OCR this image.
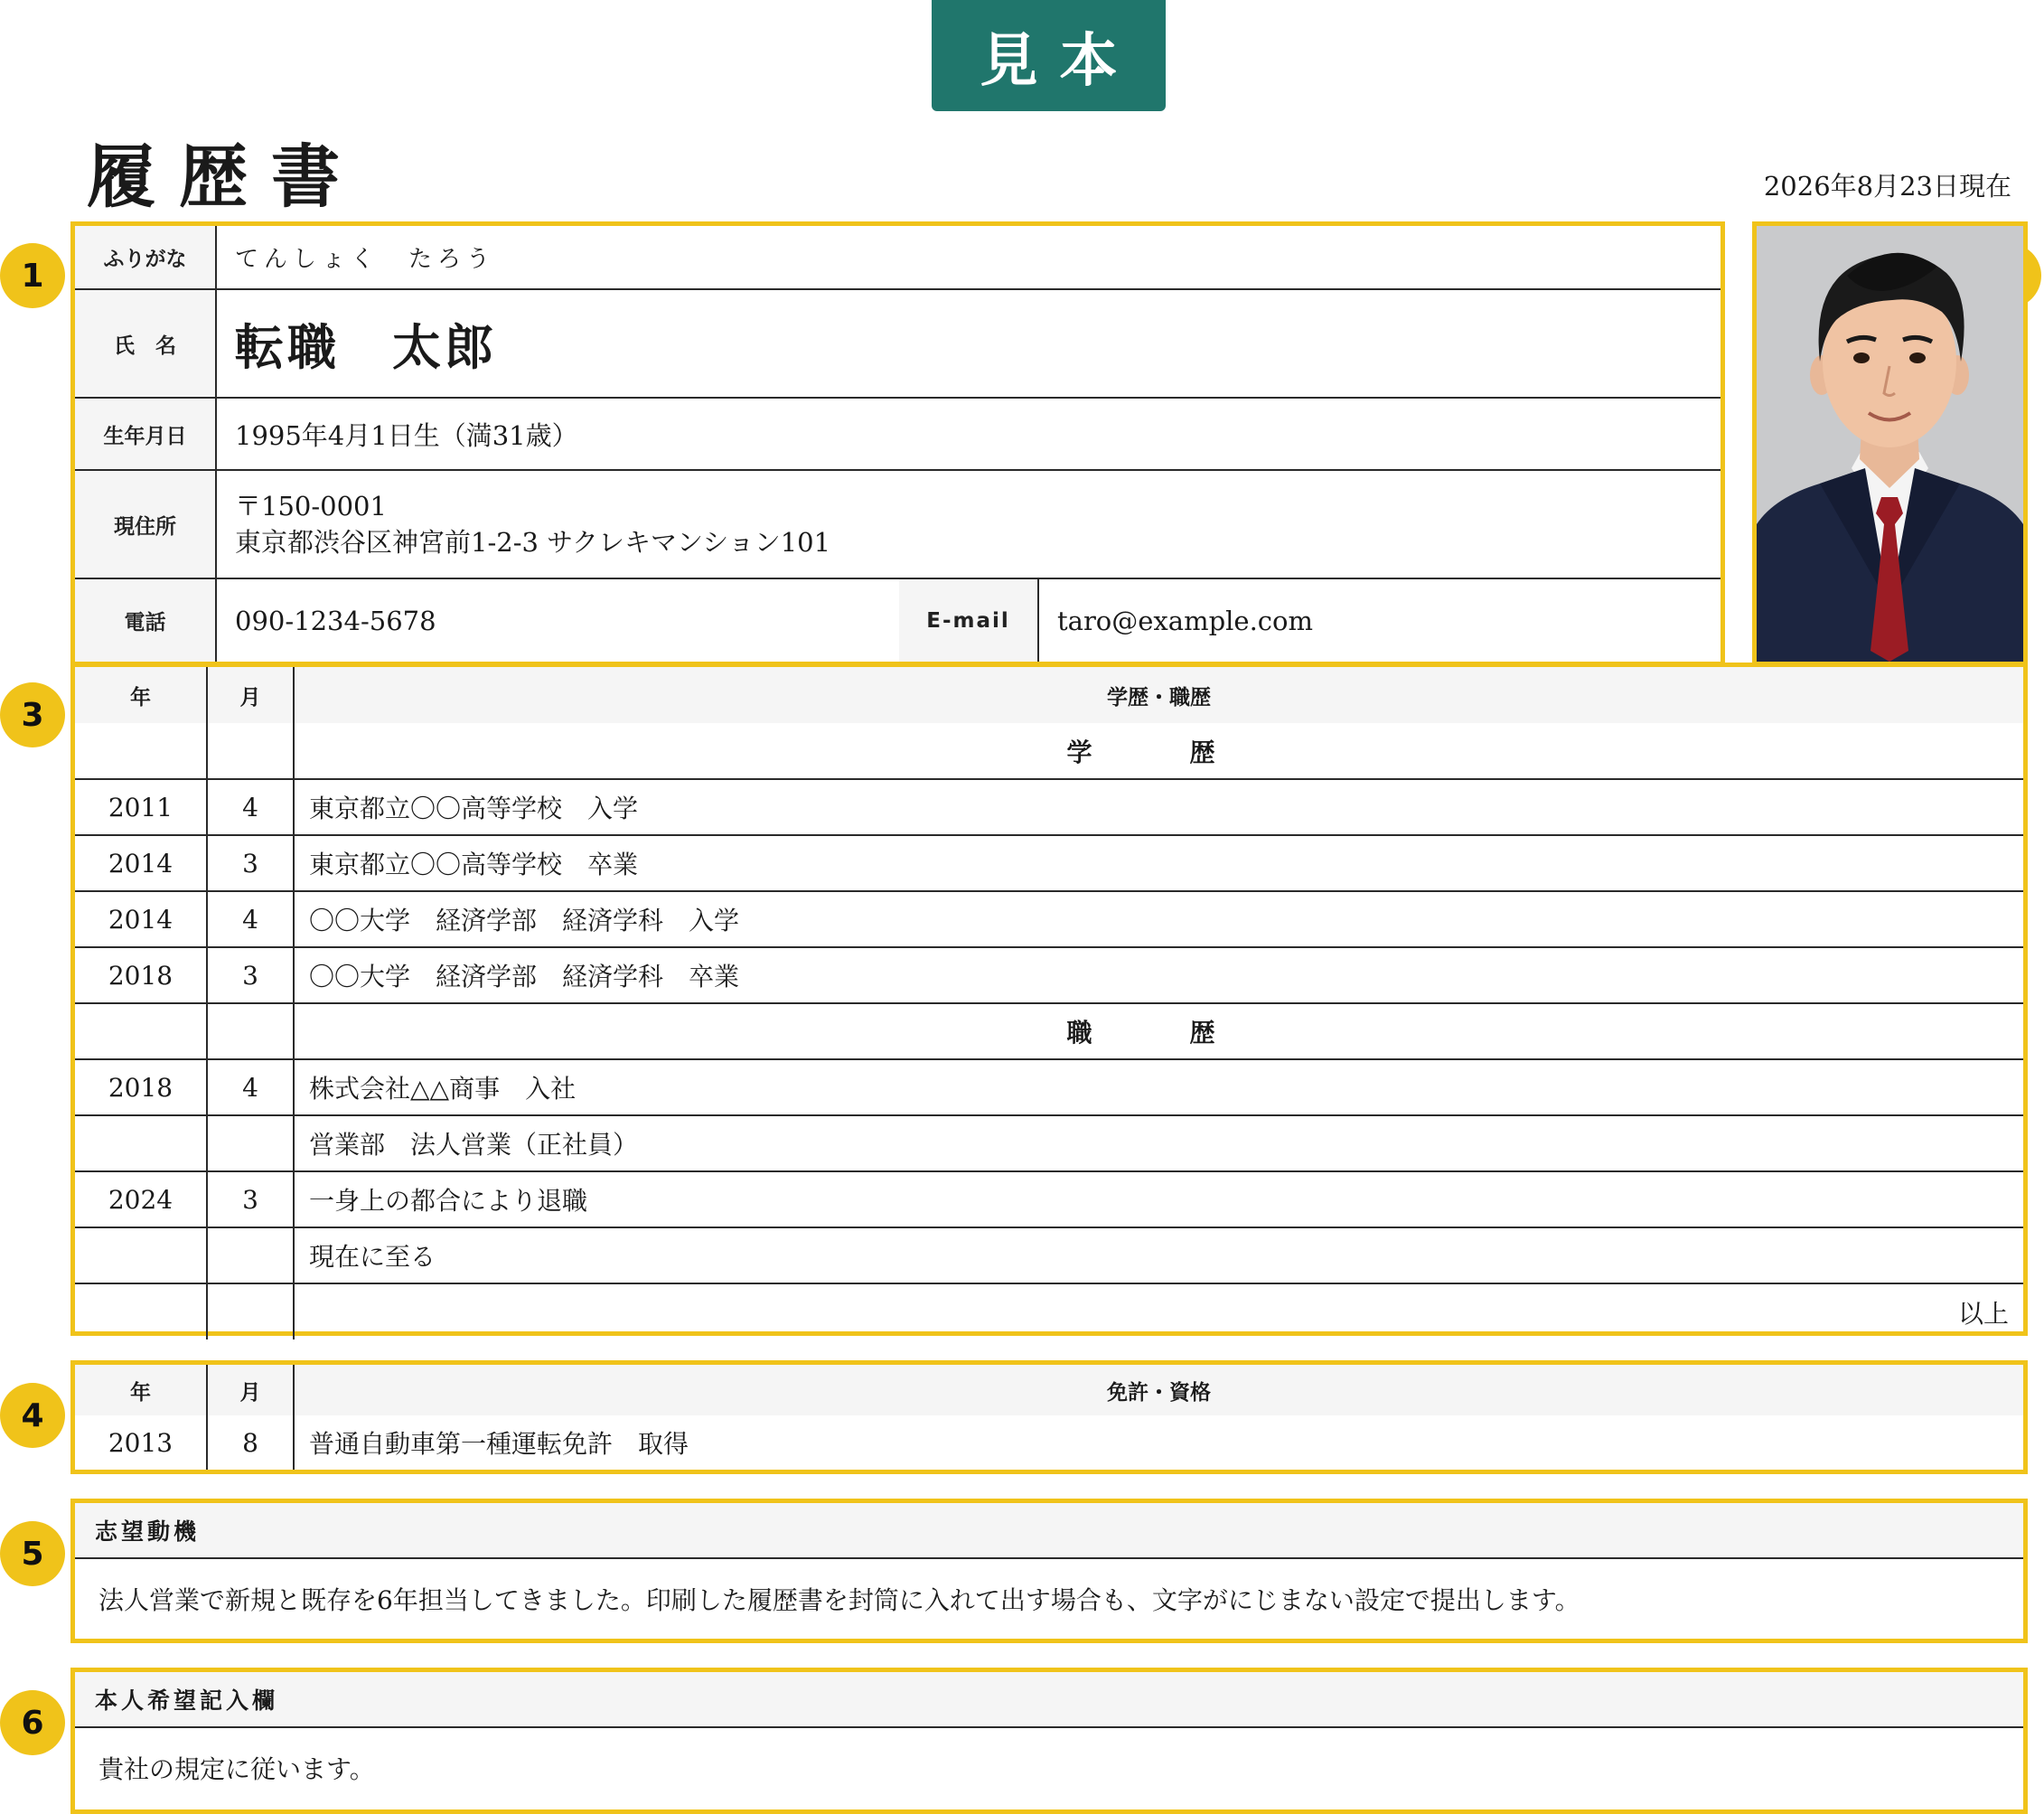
見本
履歴書	2026年8月23日現在
1
3
4
5
6
ふりがな	てんしょく　たろう		
氏　名	転職　太郎		
生年月日	1995年4月1日生（満31歳）		
現住所	〒150-0001
東京都渋谷区神宮前1-2-3 サクレキマンション101		

電話	090-1234-5678	E-mail	taro@example.com
年	月	学歴・職歴
		学　歴
2011	4	東京都立〇〇高等学校　入学
2014	3	東京都立〇〇高等学校　卒業
2014	4	〇〇大学　経済学部　経済学科　入学
2018	3	〇〇大学　経済学部　経済学科　卒業
		職　歴
2018	4	株式会社△△商事　入社
		営業部　法人営業（正社員）
2024	3	一身上の都合により退職
		現在に至る
		以上
年	月	免許・資格
2013	8	普通自動車第一種運転免許　取得
志望動機
法人営業で新規と既存を6年担当してきました。印刷した履歴書を封筒に入れて出す場合も、文字がにじまない設定で提出します。
本人希望記入欄
貴社の規定に従います。
